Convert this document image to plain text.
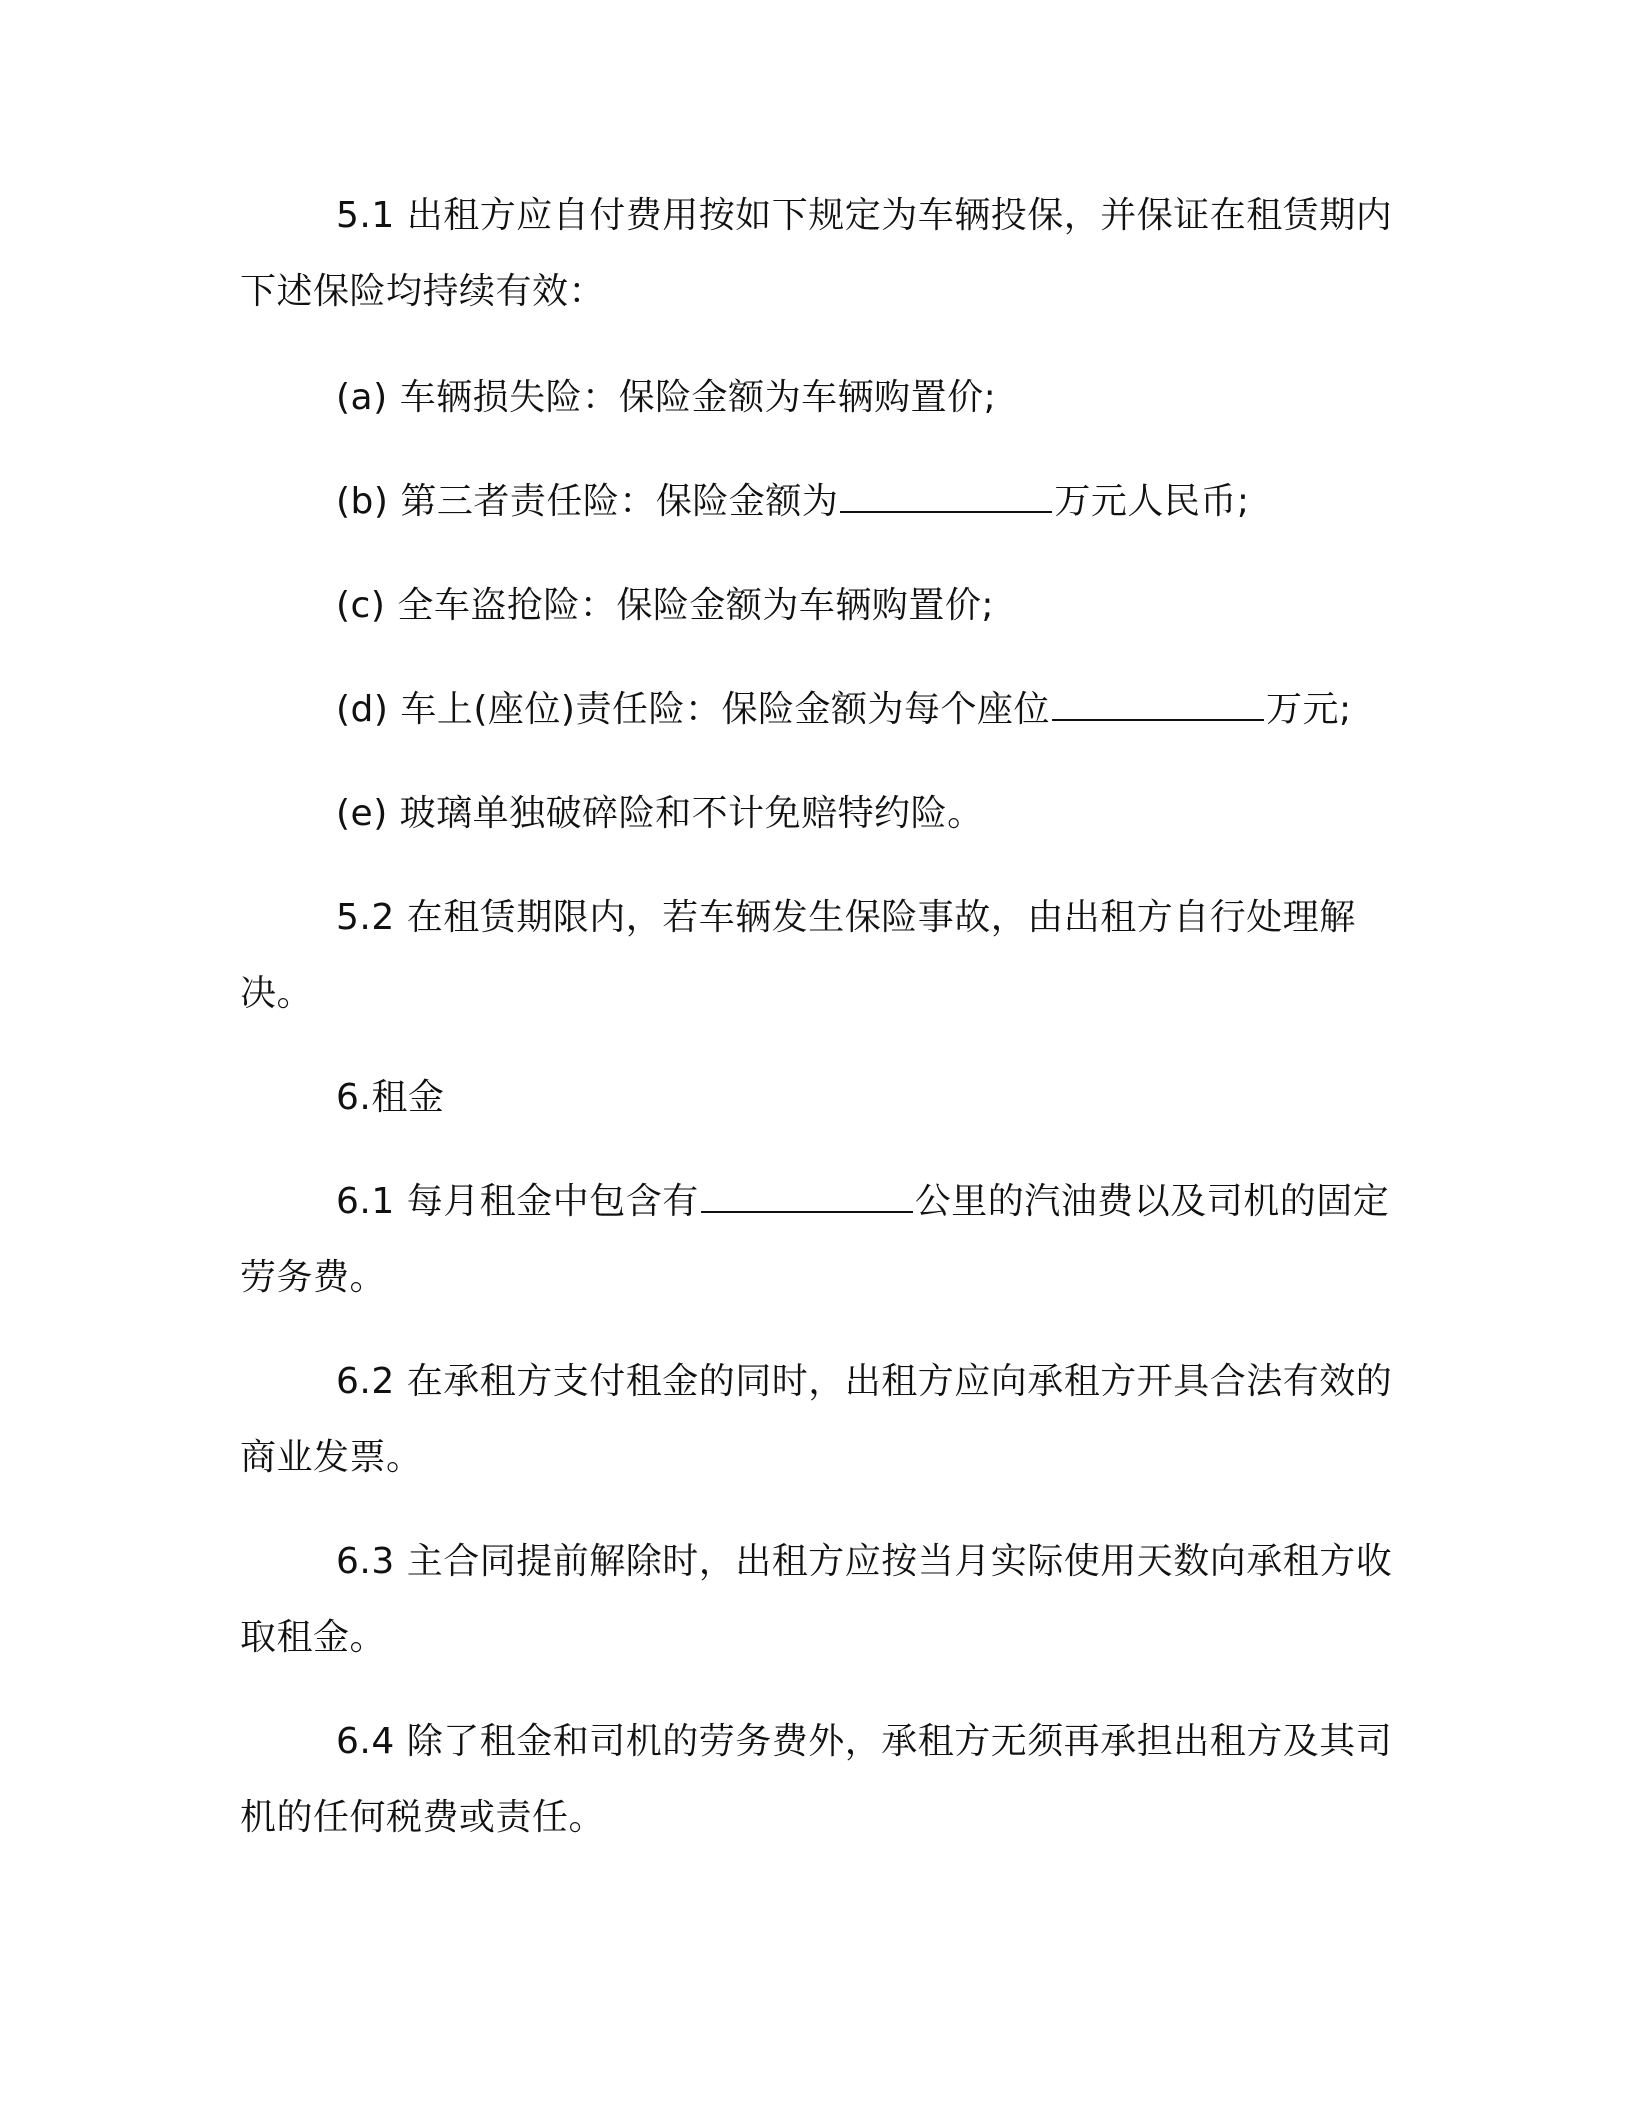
5.1 出租方应自付费用按如下规定为车辆投保，并保证在租赁期内下述保险均持续有效：

(a) 车辆损失险：保险金额为车辆购置价;

(b) 第三者责任险：保险金额为	万元人民币;

(c) 全车盗抢险：保险金额为车辆购置价;

(d) 车上(座位)责任险：保险金额为每个座位	万元;

(e) 玻璃单独破碎险和不计免赔特约险。

5.2 在租赁期限内，若车辆发生保险事故，由出租方自行处理解决。

6.租金

6.1 每月租金中包含有	公里的汽油费以及司机的固定劳务费。

6.2 在承租方支付租金的同时，出租方应向承租方开具合法有效的商业发票。

6.3 主合同提前解除时，出租方应按当月实际使用天数向承租方收取租金。

6.4 除了租金和司机的劳务费外，承租方无须再承担出租方及其司机的任何税费或责任。
